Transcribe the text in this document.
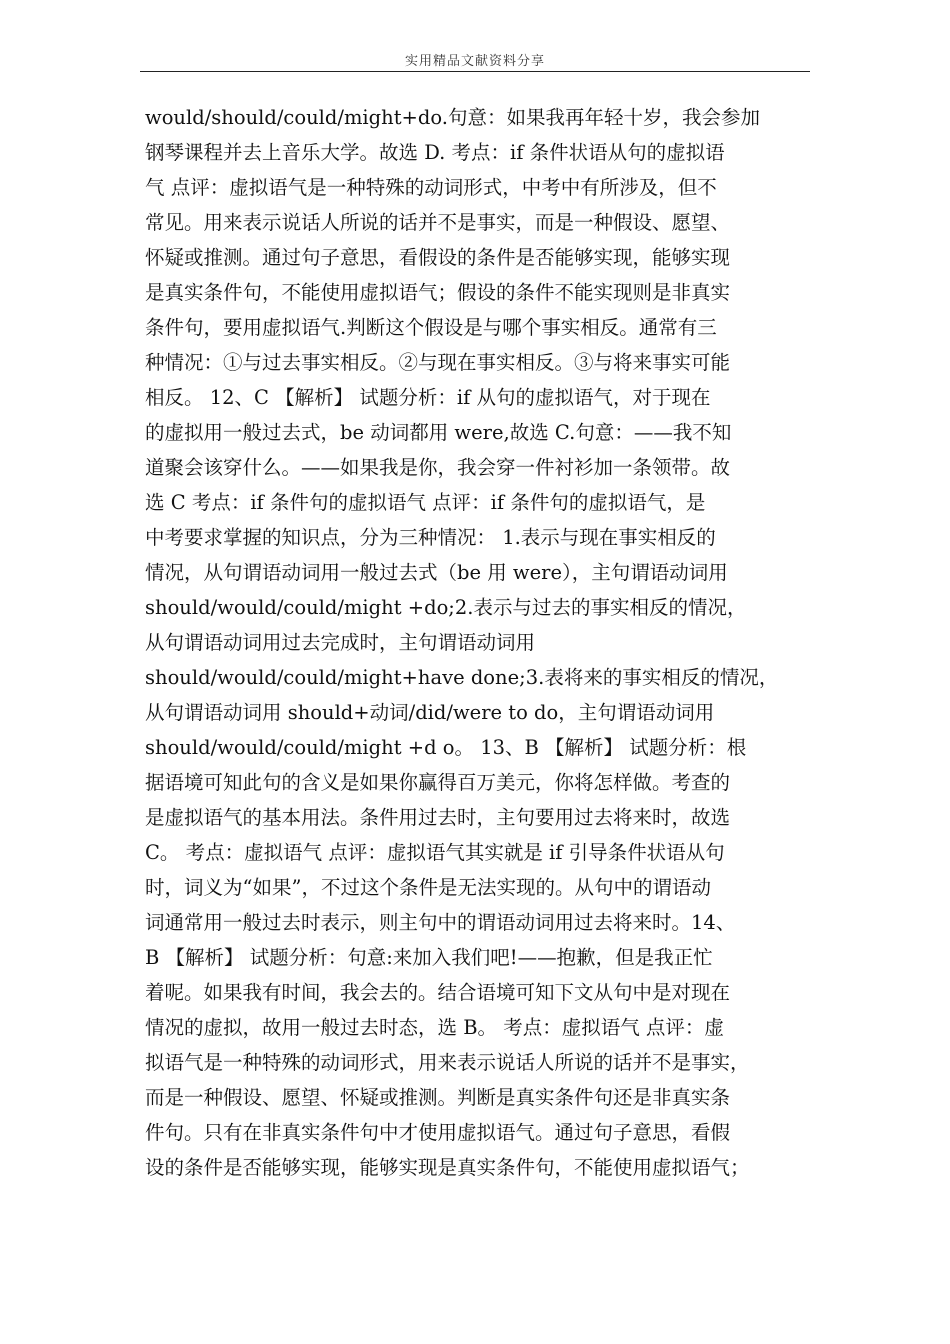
实用精品文献资料分享
would/should/could/might+do.句意：如果我再年轻十岁，我会参加
钢琴课程并去上音乐大学。故选 D. 考点：if 条件状语从句的虚拟语
气 点评：虚拟语气是一种特殊的动词形式，中考中有所涉及，但不
常见。用来表示说话人所说的话并不是事实，而是一种假设、愿望、
怀疑或推测。通过句子意思，看假设的条件是否能够实现，能够实现
是真实条件句，不能使用虚拟语气；假设的条件不能实现则是非真实
条件句，要用虚拟语气.判断这个假设是与哪个事实相反。通常有三
种情况：①与过去事实相反。②与现在事实相反。③与将来事实可能
相反。 12、C 【解析】 试题分析：if 从句的虚拟语气，对于现在
的虚拟用一般过去式，be 动词都用 were,故选 C.句意：——我不知
道聚会该穿什么。——如果我是你，我会穿一件衬衫加一条领带。故
选 C 考点：if 条件句的虚拟语气 点评：if 条件句的虚拟语气，是
中考要求掌握的知识点，分为三种情况： 1.表示与现在事实相反的
情况，从句谓语动词用一般过去式（be 用 were），主句谓语动词用
should/would/could/might +do;2.表示与过去的事实相反的情况，
从句谓语动词用过去完成时，主句谓语动词用
should/would/could/might+have done;3.表将来的事实相反的情况，
从句谓语动词用 should+动词/did/were to do，主句谓语动词用
should/would/could/might +d o。 13、B 【解析】 试题分析：根
据语境可知此句的含义是如果你赢得百万美元，你将怎样做。考查的
是虚拟语气的基本用法。条件用过去时，主句要用过去将来时，故选
C。 考点：虚拟语气 点评：虚拟语气其实就是 if 引导条件状语从句
时，词义为“如果”，不过这个条件是无法实现的。从句中的谓语动
词通常用一般过去时表示，则主句中的谓语动词用过去将来时。14、
B 【解析】 试题分析：句意:来加入我们吧!——抱歉，但是我正忙
着呢。如果我有时间，我会去的。结合语境可知下文从句中是对现在
情况的虚拟，故用一般过去时态，选 B。 考点：虚拟语气 点评：虚
拟语气是一种特殊的动词形式，用来表示说话人所说的话并不是事实，
而是一种假设、愿望、怀疑或推测。判断是真实条件句还是非真实条
件句。只有在非真实条件句中才使用虚拟语气。通过句子意思，看假
设的条件是否能够实现，能够实现是真实条件句，不能使用虚拟语气；
